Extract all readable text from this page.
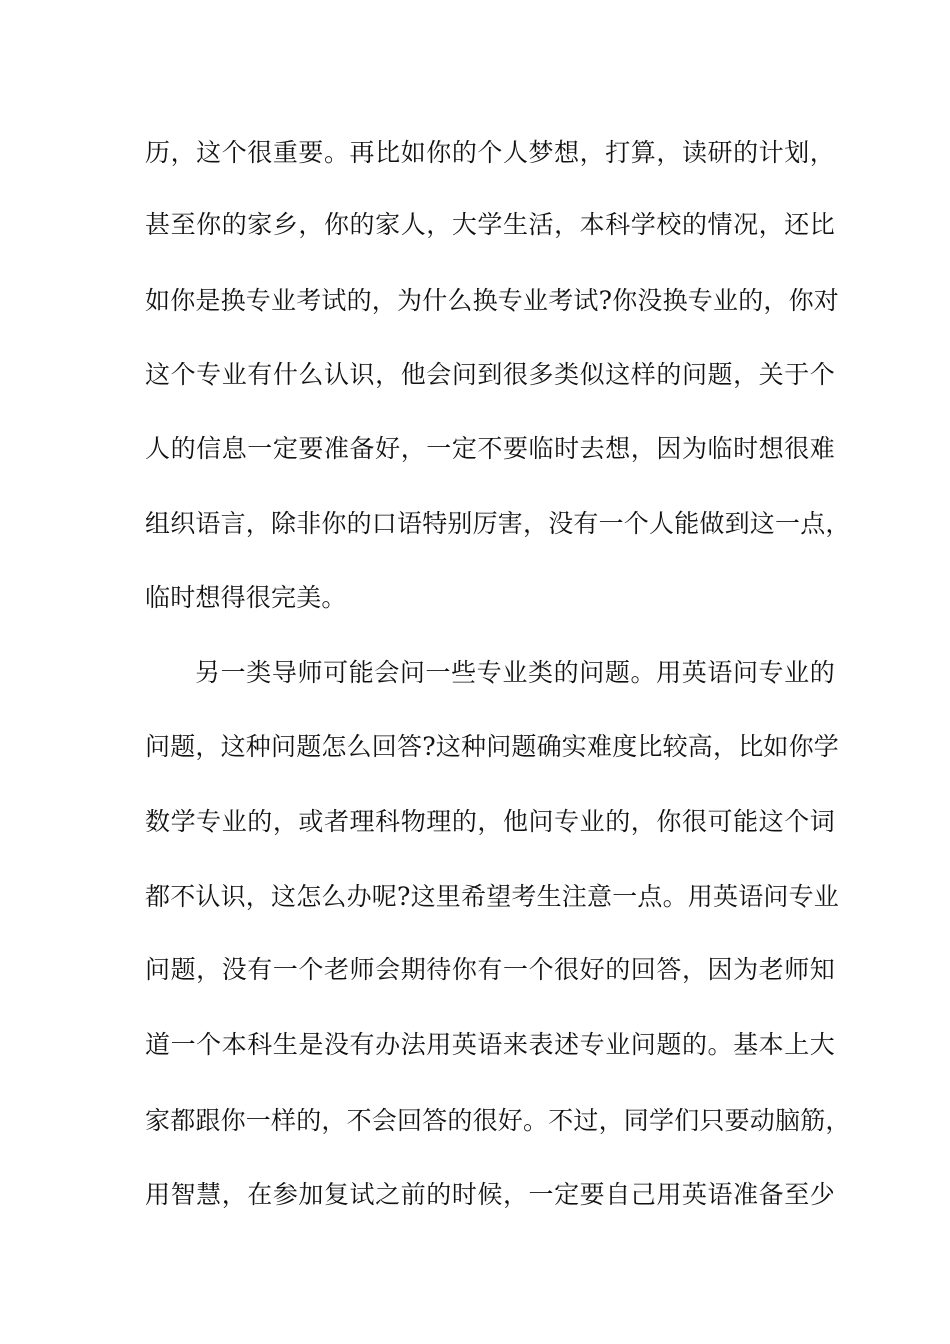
历，这个很重要。再比如你的个人梦想，打算，读研的计划，
甚至你的家乡，你的家人，大学生活，本科学校的情况，还比
如你是换专业考试的，为什么换专业考试?你没换专业的，你对
这个专业有什么认识，他会问到很多类似这样的问题，关于个
人的信息一定要准备好，一定不要临时去想，因为临时想很难
组织语言，除非你的口语特别厉害，没有一个人能做到这一点，
临时想得很完美。
另一类导师可能会问一些专业类的问题。用英语问专业的
问题，这种问题怎么回答?这种问题确实难度比较高，比如你学
数学专业的，或者理科物理的，他问专业的，你很可能这个词
都不认识，这怎么办呢?这里希望考生注意一点。用英语问专业
问题，没有一个老师会期待你有一个很好的回答，因为老师知
道一个本科生是没有办法用英语来表述专业问题的。基本上大
家都跟你一样的，不会回答的很好。不过，同学们只要动脑筋，
用智慧，在参加复试之前的时候，一定要自己用英语准备至少
